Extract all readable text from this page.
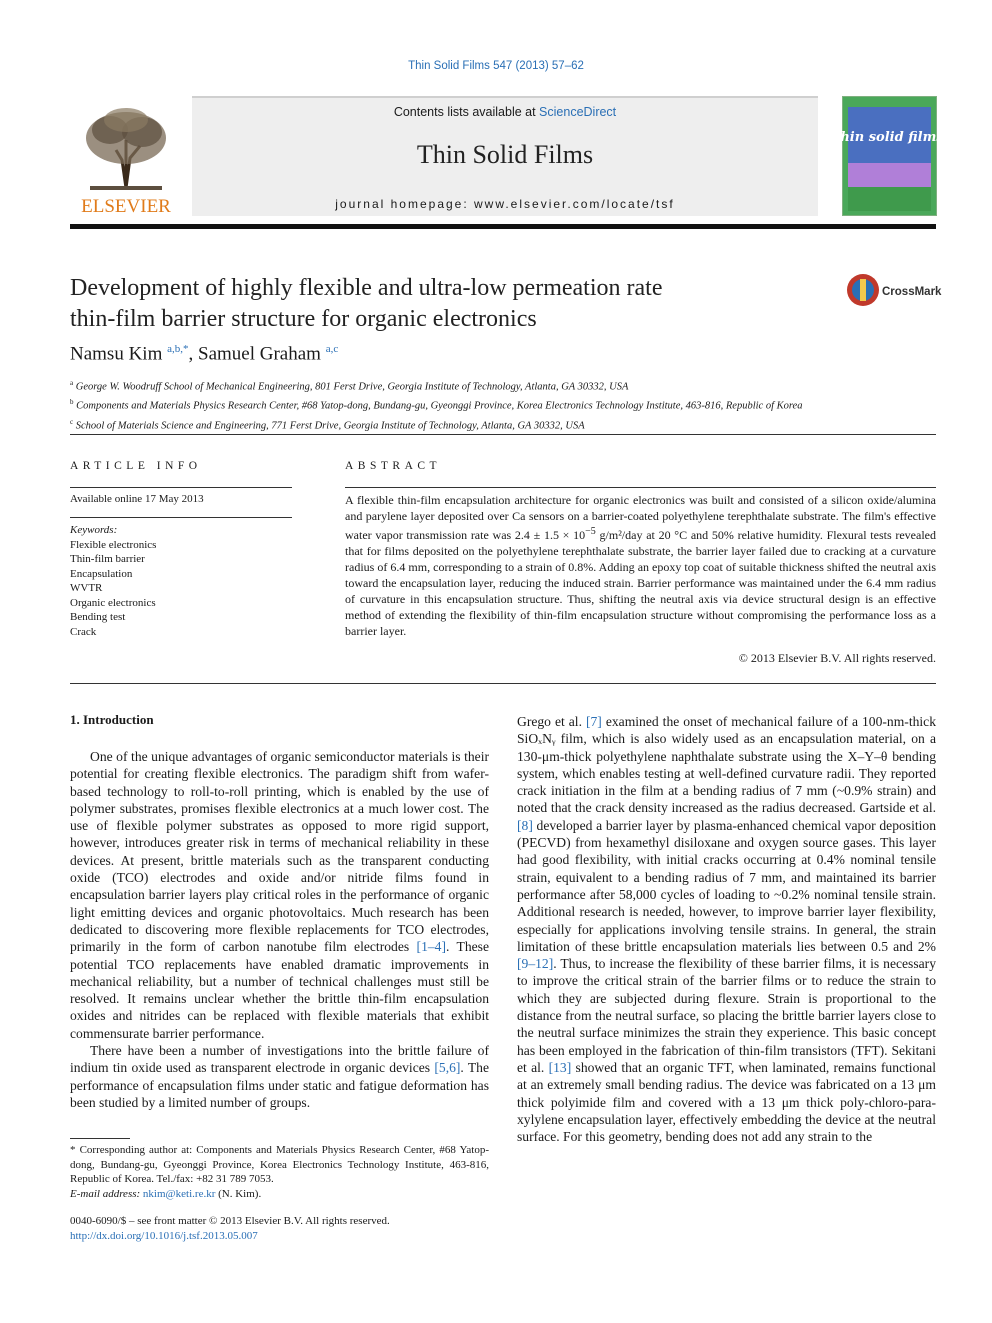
Thin Solid Films 547 (2013) 57–62
ELSEVIER
Contents lists available at ScienceDirect
Thin Solid Films
journal homepage: www.elsevier.com/locate/tsf
thin solid films
Development of highly flexible and ultra-low permeation rate
thin-film barrier structure for organic electronics
CrossMark
Namsu Kim $^{a,b,*}$, Samuel Graham $^{a,c}$
$^a$ George W. Woodruff School of Mechanical Engineering, 801 Ferst Drive, Georgia Institute of Technology, Atlanta, GA 30332, USA
$^b$ Components and Materials Physics Research Center, #68 Yatop-dong, Bundang-gu, Gyeonggi Province, Korea Electronics Technology Institute, 463-816, Republic of Korea
$^c$ School of Materials Science and Engineering, 771 Ferst Drive, Georgia Institute of Technology, Atlanta, GA 30332, USA
ARTICLE INFO	ABSTRACT
Available online 17 May 2013
Keywords:
Flexible electronics
Thin-film barrier
Encapsulation
WVTR
Organic electronics
Bending test
Crack
A flexible thin-film encapsulation architecture for organic electronics was built and consisted of a silicon oxide/alumina and parylene layer deposited over Ca sensors on a barrier-coated polyethylene terephthalate substrate. The film's effective water vapor transmission rate was $2.4 \pm 1.5 \times 10^{-5}$ g/m²/day at 20 °C and 50% relative humidity. Flexural tests revealed that for films deposited on the polyethylene terephthalate substrate, the barrier layer failed due to cracking at a curvature radius of 6.4 mm, corresponding to a strain of 0.8%. Adding an epoxy top coat of suitable thickness shifted the neutral axis toward the encapsulation layer, reducing the induced strain. Barrier performance was maintained under the 6.4 mm radius of curvature in this encapsulation structure. Thus, shifting the neutral axis via device structural design is an effective method of extending the flexibility of thin-film encapsulation structure without compromising the performance loss as a barrier layer.
© 2013 Elsevier B.V. All rights reserved.
1. Introduction

One of the unique advantages of organic semiconductor materials is their potential for creating flexible electronics. The paradigm shift from wafer-based technology to roll-to-roll printing, which is enabled by the use of polymer substrates, promises flexible electronics at a much lower cost. The use of flexible polymer substrates as opposed to more rigid support, however, introduces greater risk in terms of mechanical reliability in these devices. At present, brittle materials such as the transparent conducting oxide (TCO) electrodes and oxide and/or nitride films found in encapsulation barrier layers play critical roles in the performance of organic light emitting devices and organic photovoltaics. Much research has been dedicated to discovering more flexible replacements for TCO electrodes, primarily in the form of carbon nanotube film electrodes [1–4]. These potential TCO replacements have enabled dramatic improvements in mechanical reliability, but a number of technical challenges must still be resolved. It remains unclear whether the brittle thin-film encapsulation oxides and nitrides can be replaced with flexible materials that exhibit commensurate barrier performance.

There have been a number of investigations into the brittle failure of indium tin oxide used as transparent electrode in organic devices [5,6]. The performance of encapsulation films under static and fatigue deformation has been studied by a limited number of groups.

Grego et al. [7] examined the onset of mechanical failure of a 100-nm-thick SiOₓNᵧ film, which is also widely used as an encapsulation material, on a 130-μm-thick polyethylene naphthalate substrate using the X–Y–θ bending system, which enables testing at well-defined curvature radii. They reported crack initiation in the film at a bending radius of 7 mm (~0.9% strain) and noted that the crack density increased as the radius decreased. Gartside et al. [8] developed a barrier layer by plasma-enhanced chemical vapor deposition (PECVD) from hexamethyl disiloxane and oxygen source gases. This layer had good flexibility, with initial cracks occurring at 0.4% nominal tensile strain, equivalent to a bending radius of 7 mm, and maintained its barrier performance after 58,000 cycles of loading to ~0.2% nominal tensile strain. Additional research is needed, however, to improve barrier layer flexibility, especially for applications involving tensile strains. In general, the strain limitation of these brittle encapsulation materials lies between 0.5 and 2% [9–12]. Thus, to increase the flexibility of these barrier films, it is necessary to improve the critical strain of the barrier films or to reduce the strain to which they are subjected during flexure. Strain is proportional to the distance from the neutral surface, so placing the brittle barrier layers close to the neutral surface minimizes the strain they experience. This basic concept has been employed in the fabrication of thin-film transistors (TFT). Sekitani et al. [13] showed that an organic TFT, when laminated, remains functional at an extremely small bending radius. The device was fabricated on a 13 μm thick polyimide film and covered with a 13 μm thick poly-chloro-para-xylylene encapsulation layer, effectively embedding the device at the neutral surface. For this geometry, bending does not add any strain to the

* Corresponding author at: Components and Materials Physics Research Center, #68 Yatop-dong, Bundang-gu, Gyeonggi Province, Korea Electronics Technology Institute, 463-816, Republic of Korea. Tel./fax: +82 31 789 7053.
E-mail address: nkim@keti.re.kr (N. Kim).
0040-6090/$ – see front matter © 2013 Elsevier B.V. All rights reserved.
http://dx.doi.org/10.1016/j.tsf.2013.05.007
